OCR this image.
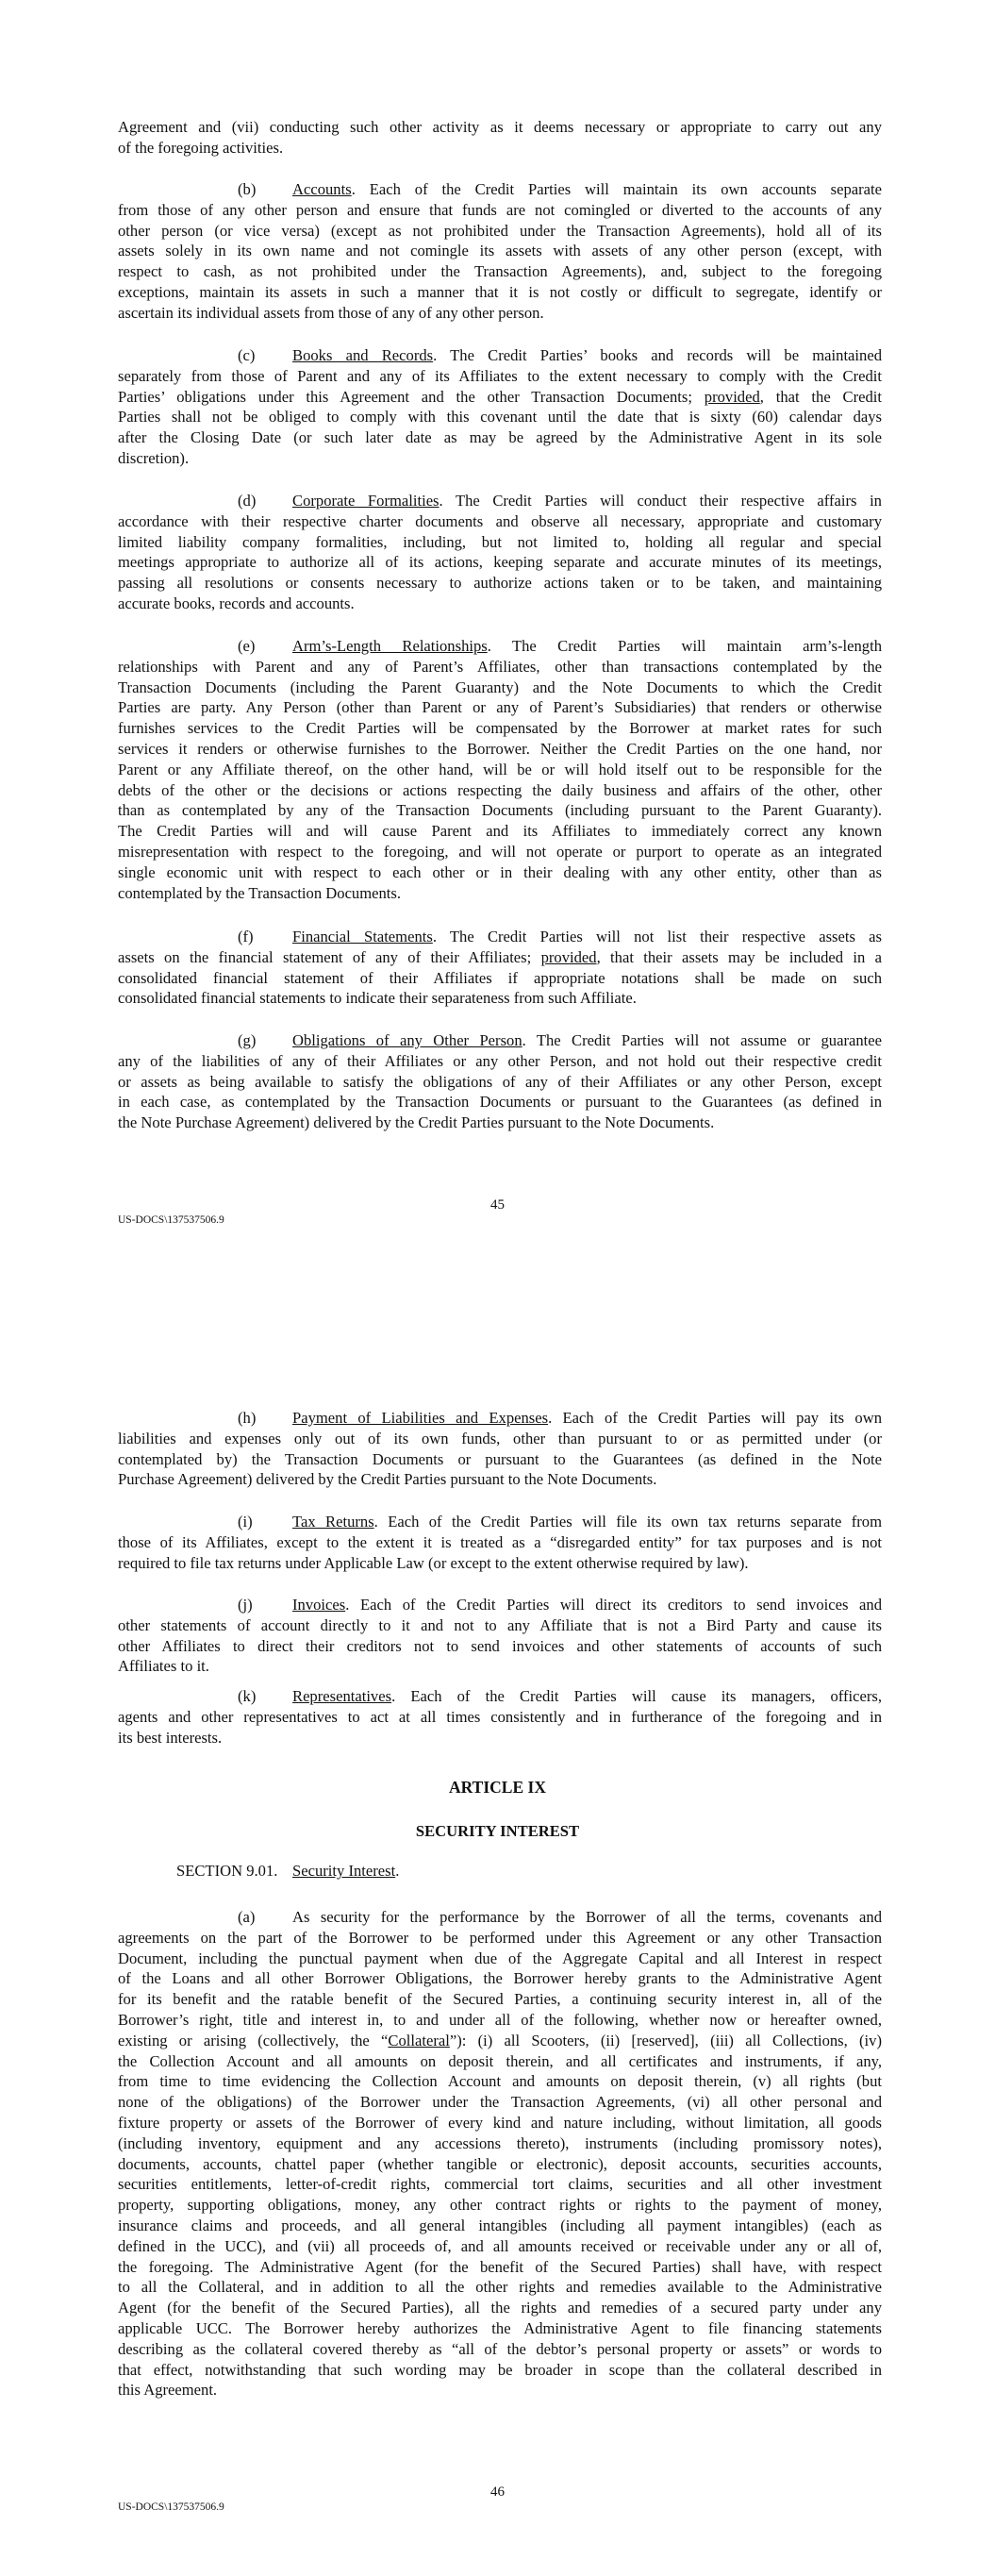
Agreement and (vii) conducting such other activity as it deems necessary or appropriate to carry out any
of the foregoing activities.
(b) Accounts. Each of the Credit Parties will maintain its own accounts separate
from those of any other person and ensure that funds are not comingled or diverted to the accounts of any
other person (or vice versa) (except as not prohibited under the Transaction Agreements), hold all of its
assets solely in its own name and not comingle its assets with assets of any other person (except, with
respect to cash, as not prohibited under the Transaction Agreements), and, subject to the foregoing
exceptions, maintain its assets in such a manner that it is not costly or difficult to segregate, identify or
ascertain its individual assets from those of any of any other person.
(c) Books and Records. The Credit Parties’ books and records will be maintained
separately from those of Parent and any of its Affiliates to the extent necessary to comply with the Credit
Parties’ obligations under this Agreement and the other Transaction Documents; provided, that the Credit
Parties shall not be obliged to comply with this covenant until the date that is sixty (60) calendar days
after the Closing Date (or such later date as may be agreed by the Administrative Agent in its sole
discretion).
(d) Corporate Formalities. The Credit Parties will conduct their respective affairs in
accordance with their respective charter documents and observe all necessary, appropriate and customary
limited liability company formalities, including, but not limited to, holding all regular and special
meetings appropriate to authorize all of its actions, keeping separate and accurate minutes of its meetings,
passing all resolutions or consents necessary to authorize actions taken or to be taken, and maintaining
accurate books, records and accounts.
(e) Arm’s-Length Relationships. The Credit Parties will maintain arm’s-length
relationships with Parent and any of Parent’s Affiliates, other than transactions contemplated by the
Transaction Documents (including the Parent Guaranty) and the Note Documents to which the Credit
Parties are party. Any Person (other than Parent or any of Parent’s Subsidiaries) that renders or otherwise
furnishes services to the Credit Parties will be compensated by the Borrower at market rates for such
services it renders or otherwise furnishes to the Borrower. Neither the Credit Parties on the one hand, nor
Parent or any Affiliate thereof, on the other hand, will be or will hold itself out to be responsible for the
debts of the other or the decisions or actions respecting the daily business and affairs of the other, other
than as contemplated by any of the Transaction Documents (including pursuant to the Parent Guaranty).
The Credit Parties will and will cause Parent and its Affiliates to immediately correct any known
misrepresentation with respect to the foregoing, and will not operate or purport to operate as an integrated
single economic unit with respect to each other or in their dealing with any other entity, other than as
contemplated by the Transaction Documents.
(f) Financial Statements. The Credit Parties will not list their respective assets as
assets on the financial statement of any of their Affiliates; provided, that their assets may be included in a
consolidated financial statement of their Affiliates if appropriate notations shall be made on such
consolidated financial statements to indicate their separateness from such Affiliate.
(g) Obligations of any Other Person. The Credit Parties will not assume or guarantee
any of the liabilities of any of their Affiliates or any other Person, and not hold out their respective credit
or assets as being available to satisfy the obligations of any of their Affiliates or any other Person, except
in each case, as contemplated by the Transaction Documents or pursuant to the Guarantees (as defined in
the Note Purchase Agreement) delivered by the Credit Parties pursuant to the Note Documents.
45
US-DOCS\137537506.9
(h) Payment of Liabilities and Expenses. Each of the Credit Parties will pay its own
liabilities and expenses only out of its own funds, other than pursuant to or as permitted under (or
contemplated by) the Transaction Documents or pursuant to the Guarantees (as defined in the Note
Purchase Agreement) delivered by the Credit Parties pursuant to the Note Documents.
(i)	Tax Returns. Each of the Credit Parties will file its own tax returns separate from
those of its Affiliates, except to the extent it is treated as a “disregarded entity” for tax purposes and is not
required to file tax returns under Applicable Law (or except to the extent otherwise required by law).
(j)	Invoices. Each of the Credit Parties will direct its creditors to send invoices and
other statements of account directly to it and not to any Affiliate that is not a Bird Party and cause its
other Affiliates to direct their creditors not to send invoices and other statements of accounts of such
Affiliates to it.
(k) Representatives. Each of the Credit Parties will cause its managers, officers,
agents and other representatives to act at all times consistently and in furtherance of the foregoing and in
its best interests.
ARTICLE IX
SECURITY INTEREST
SECTION 9.01. Security Interest.
(a) As security for the performance by the Borrower of all the terms, covenants and
agreements on the part of the Borrower to be performed under this Agreement or any other Transaction
Document, including the punctual payment when due of the Aggregate Capital and all Interest in respect
of the Loans and all other Borrower Obligations, the Borrower hereby grants to the Administrative Agent
for its benefit and the ratable benefit of the Secured Parties, a continuing security interest in, all of the
Borrower’s right, title and interest in, to and under all of the following, whether now or hereafter owned,
existing or arising (collectively, the “Collateral”): (i) all Scooters, (ii) [reserved], (iii) all Collections, (iv)
the Collection Account and all amounts on deposit therein, and all certificates and instruments, if any,
from time to time evidencing the Collection Account and amounts on deposit therein, (v) all rights (but
none of the obligations) of the Borrower under the Transaction Agreements, (vi) all other personal and
fixture property or assets of the Borrower of every kind and nature including, without limitation, all goods
(including inventory, equipment and any accessions thereto), instruments (including promissory notes),
documents, accounts, chattel paper (whether tangible or electronic), deposit accounts, securities accounts,
securities entitlements, letter-of-credit rights, commercial tort claims, securities and all other investment
property, supporting obligations, money, any other contract rights or rights to the payment of money,
insurance claims and proceeds, and all general intangibles (including all payment intangibles) (each as
defined in the UCC), and (vii) all proceeds of, and all amounts received or receivable under any or all of,
the foregoing. The Administrative Agent (for the benefit of the Secured Parties) shall have, with respect
to all the Collateral, and in addition to all the other rights and remedies available to the Administrative
Agent (for the benefit of the Secured Parties), all the rights and remedies of a secured party under any
applicable UCC. The Borrower hereby authorizes the Administrative Agent to file financing statements
describing as the collateral covered thereby as “all of the debtor’s personal property or assets” or words to
that effect, notwithstanding that such wording may be broader in scope than the collateral described in
this Agreement.
46
US-DOCS\137537506.9
